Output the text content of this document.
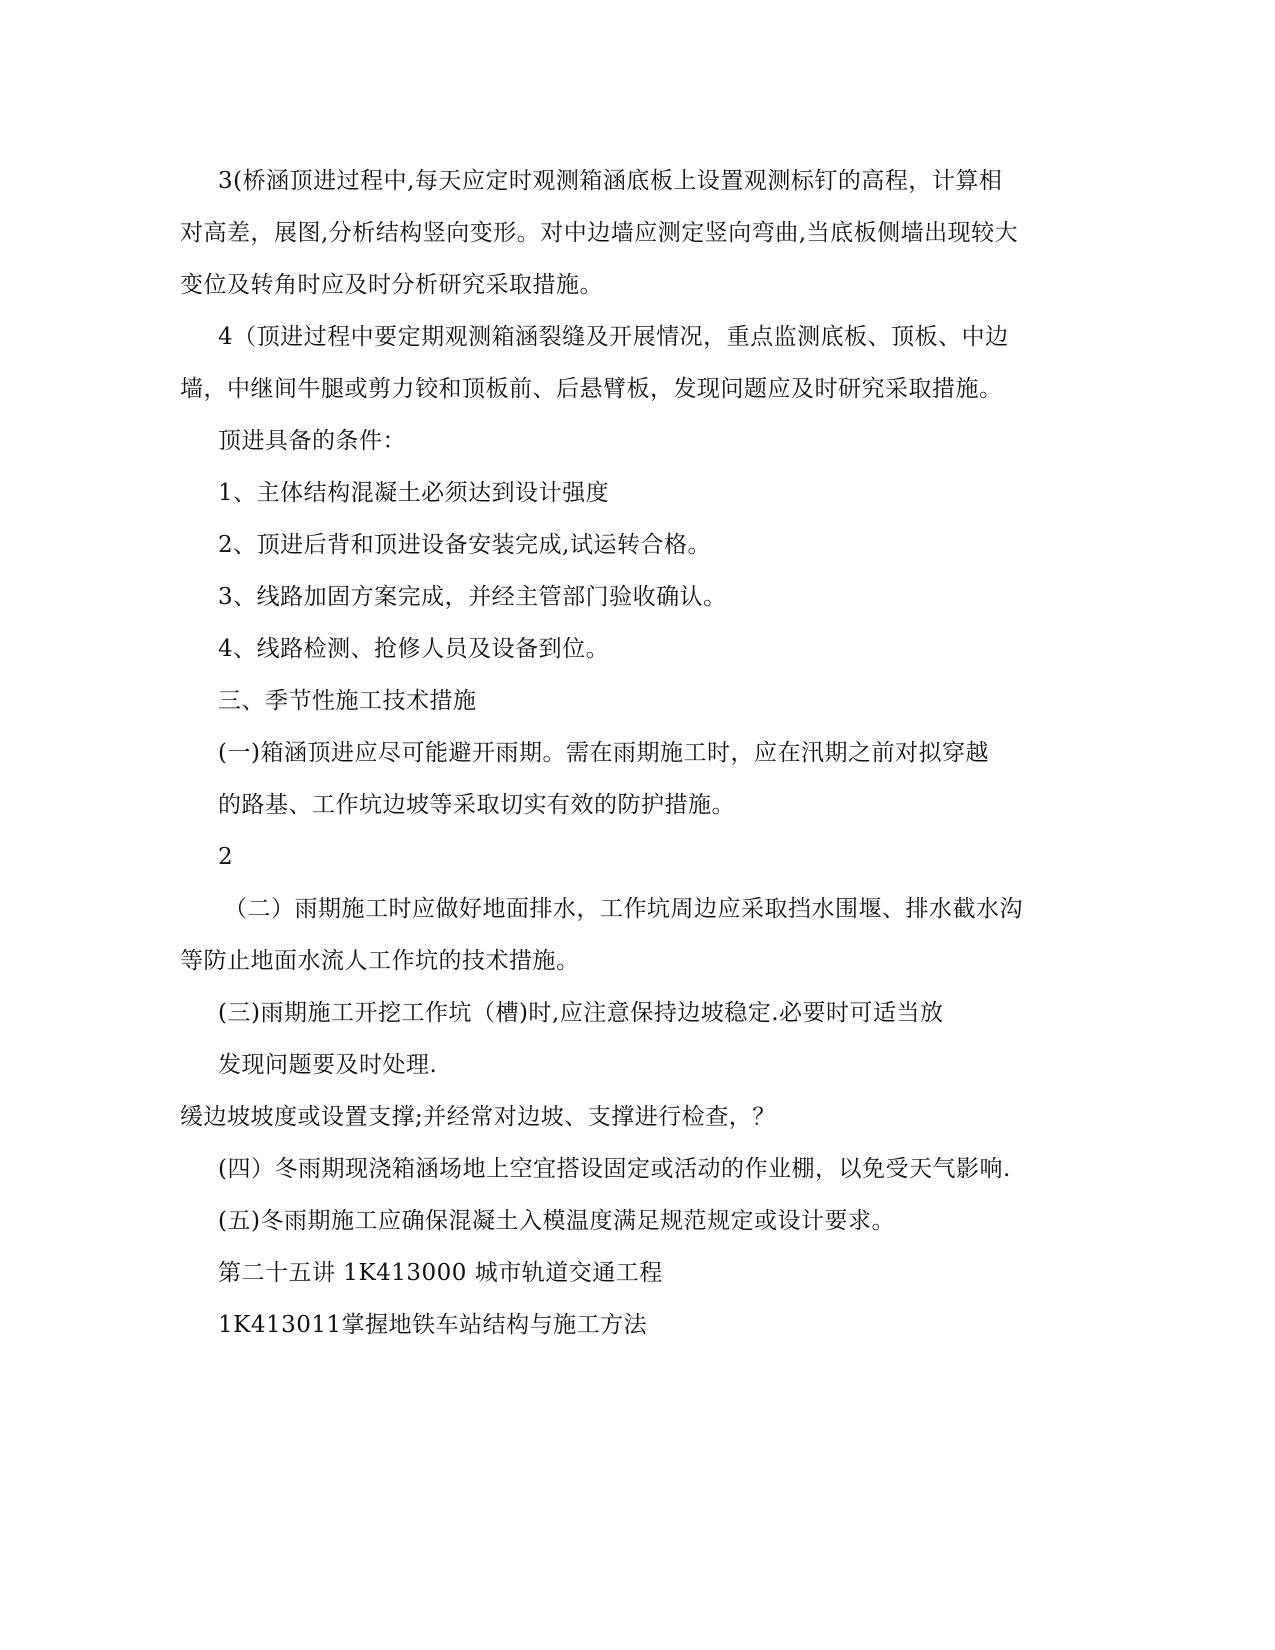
3(桥涵顶进过程中,每天应定时观测箱涵底板上设置观测标钉的高程，计算相
对高差，展图,分析结构竖向变形。对中边墙应测定竖向弯曲,当底板侧墙出现较大
变位及转角时应及时分析研究采取措施。
4（顶进过程中要定期观测箱涵裂缝及开展情况，重点监测底板、顶板、中边
墙，中继间牛腿或剪力铰和顶板前、后悬臂板，发现问题应及时研究采取措施。
顶进具备的条件：
1、主体结构混凝土必须达到设计强度
2、顶进后背和顶进设备安装完成,试运转合格。
3、线路加固方案完成，并经主管部门验收确认。
4、线路检测、抢修人员及设备到位。
三、季节性施工技术措施
(一)箱涵顶进应尽可能避开雨期。需在雨期施工时，应在汛期之前对拟穿越
的路基、工作坑边坡等采取切实有效的防护措施。
2
（二）雨期施工时应做好地面排水，工作坑周边应采取挡水围堰、排水截水沟
等防止地面水流人工作坑的技术措施。
(三)雨期施工开挖工作坑（槽)时,应注意保持边坡稳定.必要时可适当放
发现问题要及时处理.
缓边坡坡度或设置支撑;并经常对边坡、支撑进行检查，？
(四）冬雨期现浇箱涵场地上空宜搭设固定或活动的作业棚，以免受天气影响.
(五)冬雨期施工应确保混凝土入模温度满足规范规定或设计要求。
第二十五讲 1K413000 城市轨道交通工程
1K413011掌握地铁车站结构与施工方法
